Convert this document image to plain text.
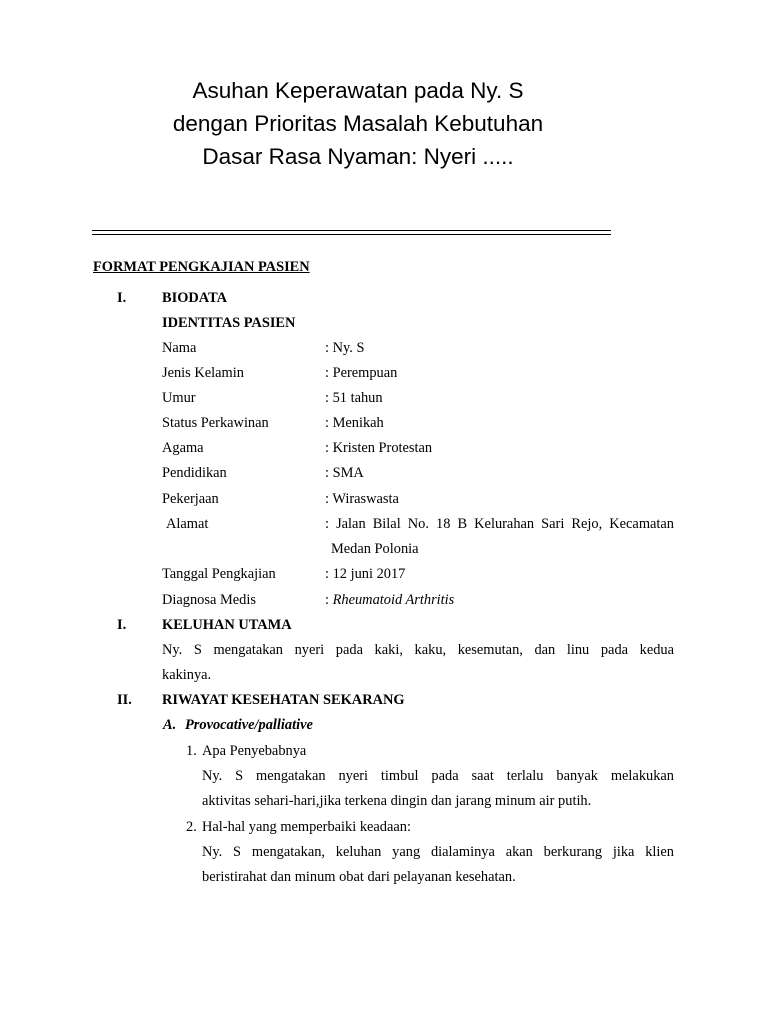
Asuhan Keperawatan pada Ny. S
dengan Prioritas Masalah Kebutuhan
Dasar Rasa Nyaman: Nyeri .....
FORMAT PENGKAJIAN PASIEN
I. BIODATA
IDENTITAS PASIEN
Nama	: Ny. S
Jenis Kelamin	: Perempuan
Umur	: 51 tahun
Status Perkawinan	: Menikah
Agama	: Kristen Protestan
Pendidikan	: SMA
Pekerjaan	: Wiraswasta
Alamat	: Jalan Bilal No. 18 B Kelurahan Sari Rejo, Kecamatan
Medan Polonia
Tanggal Pengkajian	: 12 juni 2017
Diagnosa Medis	: Rheumatoid Arthritis
I. KELUHAN UTAMA
Ny. S mengatakan nyeri pada kaki, kaku, kesemutan, dan linu pada kedua
kakinya.
II. RIWAYAT KESEHATAN SEKARANG
A. Provocative/palliative
1. Apa Penyebabnya
Ny. S mengatakan nyeri timbul pada saat terlalu banyak melakukan
aktivitas sehari-hari,jika terkena dingin dan jarang minum air putih.
2. Hal-hal yang memperbaiki keadaan:
Ny. S mengatakan, keluhan yang dialaminya akan berkurang jika klien
beristirahat dan minum obat dari pelayanan kesehatan.
